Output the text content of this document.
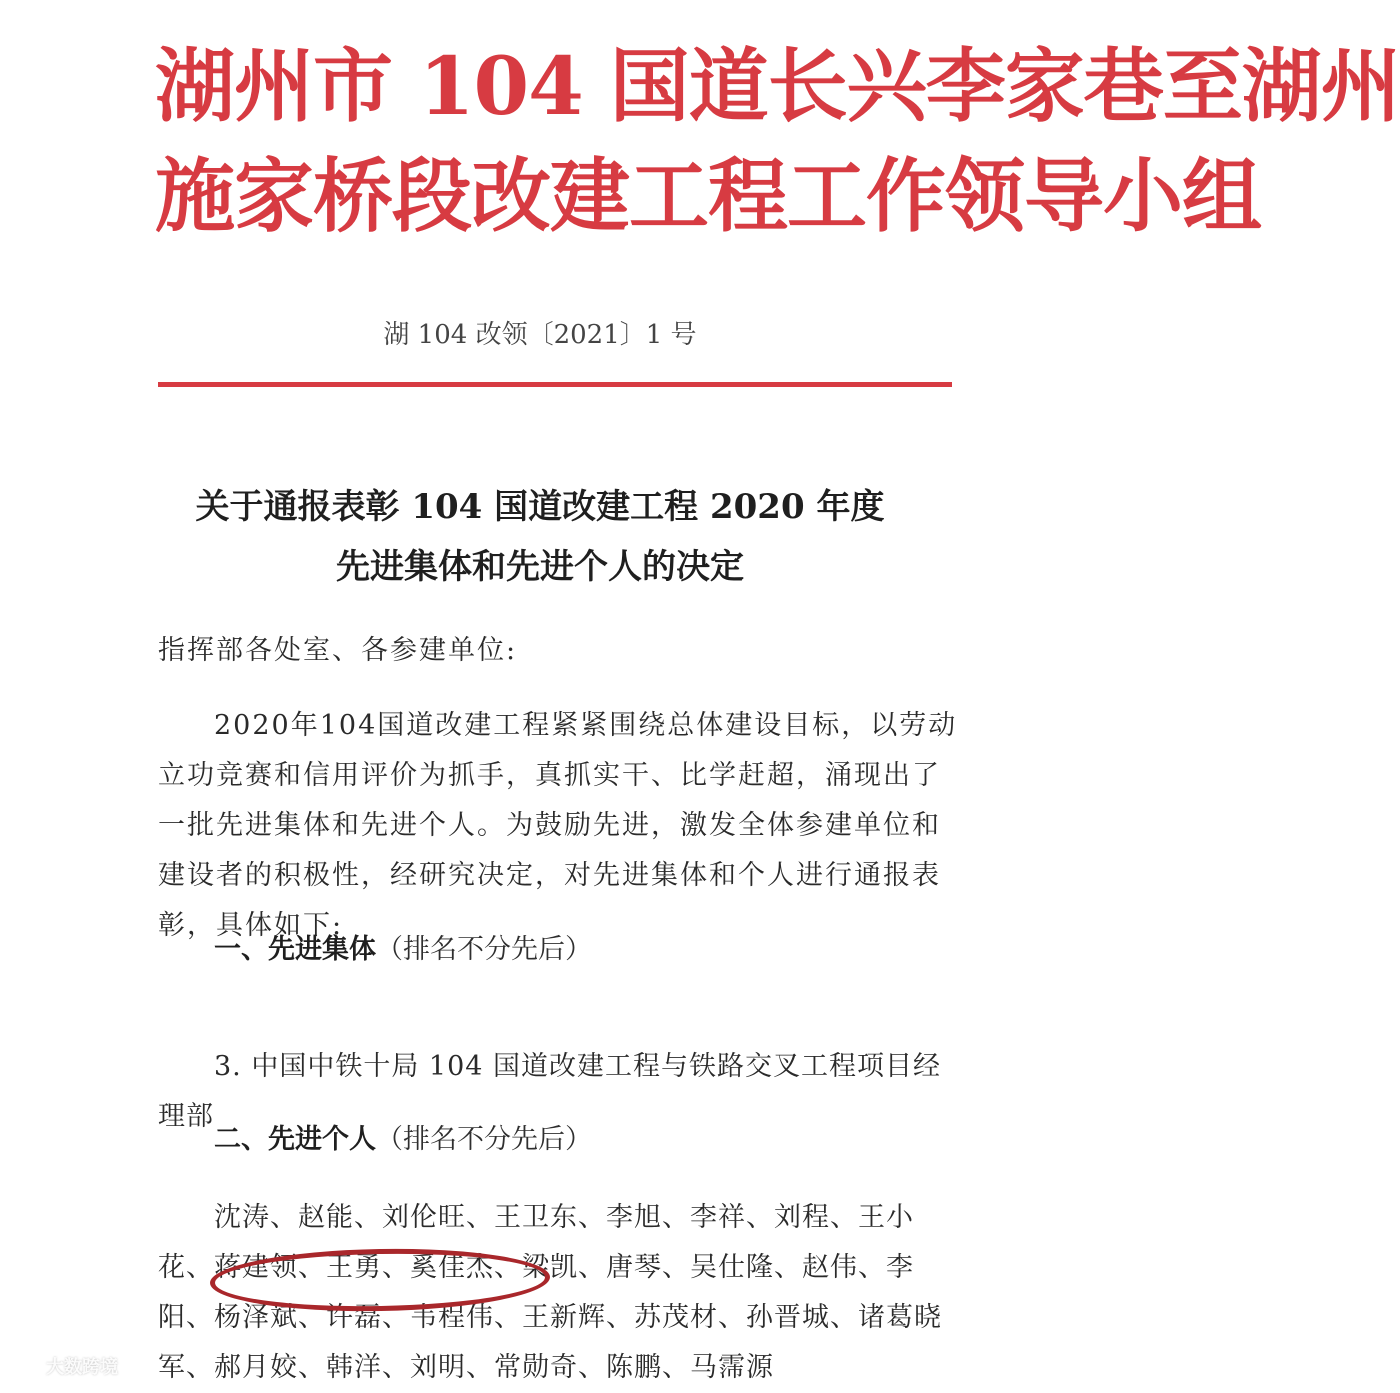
湖州市 104 国道长兴李家巷至湖州
施家桥段改建工程工作领导小组
湖 104 改领〔2021〕1 号
关于通报表彰 104 国道改建工程 2020 年度
先进集体和先进个人的决定
指挥部各处室、各参建单位:

2020年104国道改建工程紧紧围绕总体建设目标，以劳动立功竞赛和信用评价为抓手，真抓实干、比学赶超，涌现出了一批先进集体和先进个人。为鼓励先进，激发全体参建单位和建设者的积极性，经研究决定，对先进集体和个人进行通报表彰，具体如下:

一、先进集体（排名不分先后）

3. 中国中铁十局 104 国道改建工程与铁路交叉工程项目经理部

二、先进个人（排名不分先后）

沈涛、赵能、刘伦旺、王卫东、李旭、李祥、刘程、王小花、蒋建领、王勇、奚佳杰、梁凯、唐琴、吴仕隆、赵伟、李阳、杨泽斌、许磊、韦程伟、王新辉、苏茂材、孙晋城、诸葛晓军、郝月姣、韩洋、刘明、常勋奇、陈鹏、马霈源

大数跨境
